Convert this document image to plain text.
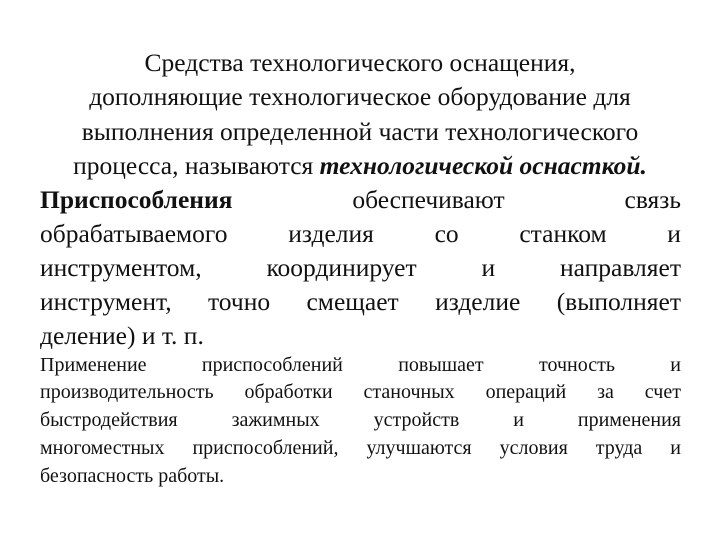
Средства технологического оснащения,
дополняющие технологическое оборудование для
выполнения определенной части технологического
процесса, называются технологической оснасткой.
Приспособления	обеспечивают	связь
обрабатываемого изделия со станком и
инструментом,	координирует	и	направляет
инструмент, точно смещает изделие (выполняет
деление) и т. п.
Применение	приспособлений	повышает	точность	и
производительность обработки станочных операций за счет
быстродействия	зажимных	устройств	и	применения
многоместных приспособлений, улучшаются условия труда и
безопасность работы.
